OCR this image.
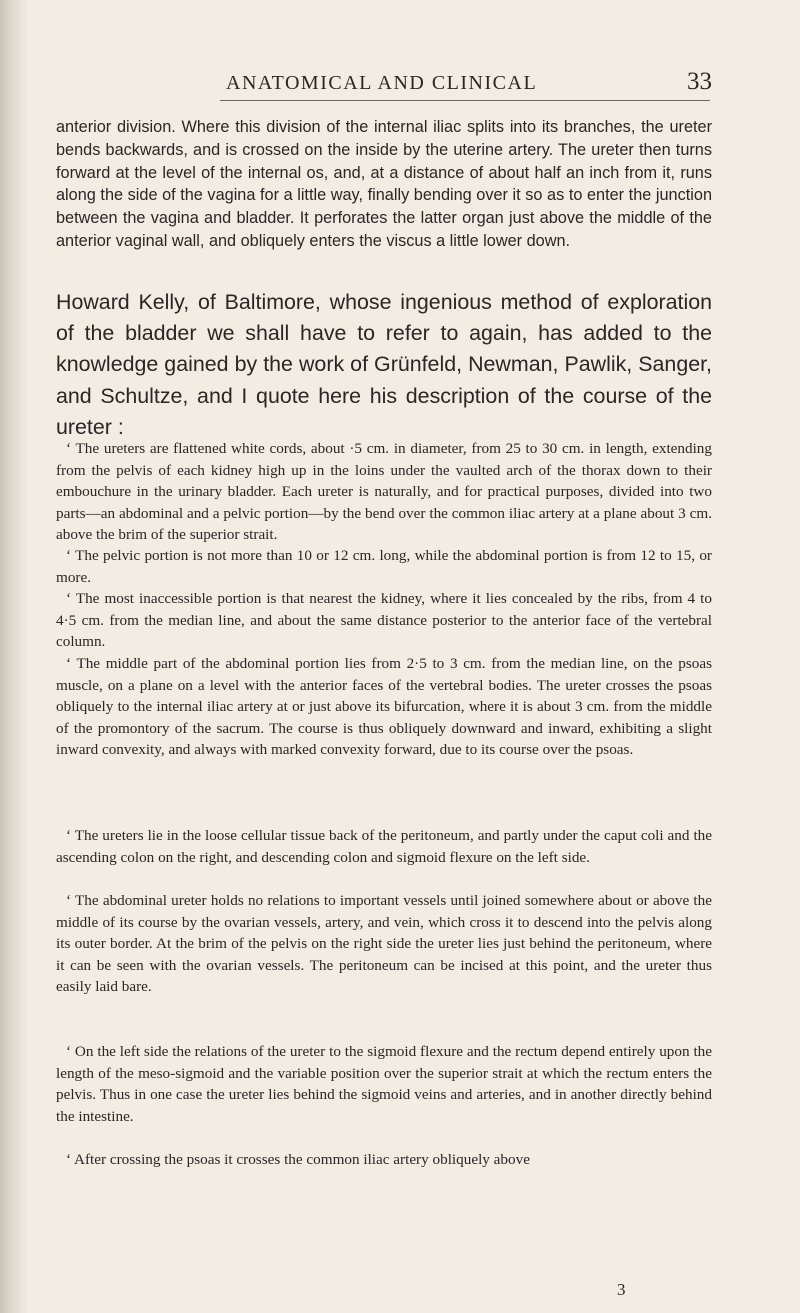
ANATOMICAL AND CLINICAL	33

anterior division. Where this division of the internal iliac splits into its branches, the ureter bends backwards, and is crossed on the inside by the uterine artery. The ureter then turns forward at the level of the internal os, and, at a distance of about half an inch from it, runs along the side of the vagina for a little way, finally bending over it so as to enter the junction between the vagina and bladder. It perforates the latter organ just above the middle of the anterior vaginal wall, and obliquely enters the viscus a little lower down.

Howard Kelly, of Baltimore, whose ingenious method of exploration of the bladder we shall have to refer to again, has added to the knowledge gained by the work of Grünfeld, Newman, Pawlik, Sanger, and Schultze, and I quote here his description of the course of the ureter :

‘ The ureters are flattened white cords, about ·5 cm. in diameter, from 25 to 30 cm. in length, extending from the pelvis of each kidney high up in the loins under the vaulted arch of the thorax down to their embouchure in the urinary bladder. Each ureter is naturally, and for practical purposes, divided into two parts—an abdominal and a pelvic portion—by the bend over the common iliac artery at a plane about 3 cm. above the brim of the superior strait.

‘ The pelvic portion is not more than 10 or 12 cm. long, while the abdominal portion is from 12 to 15, or more.

‘ The most inaccessible portion is that nearest the kidney, where it lies concealed by the ribs, from 4 to 4·5 cm. from the median line, and about the same distance posterior to the anterior face of the vertebral column.

‘ The middle part of the abdominal portion lies from 2·5 to 3 cm. from the median line, on the psoas muscle, on a plane on a level with the anterior faces of the vertebral bodies. The ureter crosses the psoas obliquely to the internal iliac artery at or just above its bifurcation, where it is about 3 cm. from the middle of the promontory of the sacrum. The course is thus obliquely downward and inward, exhibiting a slight inward convexity, and always with marked convexity forward, due to its course over the psoas.

‘ The ureters lie in the loose cellular tissue back of the peritoneum, and partly under the caput coli and the ascending colon on the right, and descending colon and sigmoid flexure on the left side.

‘ The abdominal ureter holds no relations to important vessels until joined somewhere about or above the middle of its course by the ovarian vessels, artery, and vein, which cross it to descend into the pelvis along its outer border. At the brim of the pelvis on the right side the ureter lies just behind the peritoneum, where it can be seen with the ovarian vessels. The peritoneum can be incised at this point, and the ureter thus easily laid bare.

‘ On the left side the relations of the ureter to the sigmoid flexure and the rectum depend entirely upon the length of the meso-sigmoid and the variable position over the superior strait at which the rectum enters the pelvis. Thus in one case the ureter lies behind the sigmoid veins and arteries, and in another directly behind the intestine.

‘ After crossing the psoas it crosses the common iliac artery obliquely above

3
